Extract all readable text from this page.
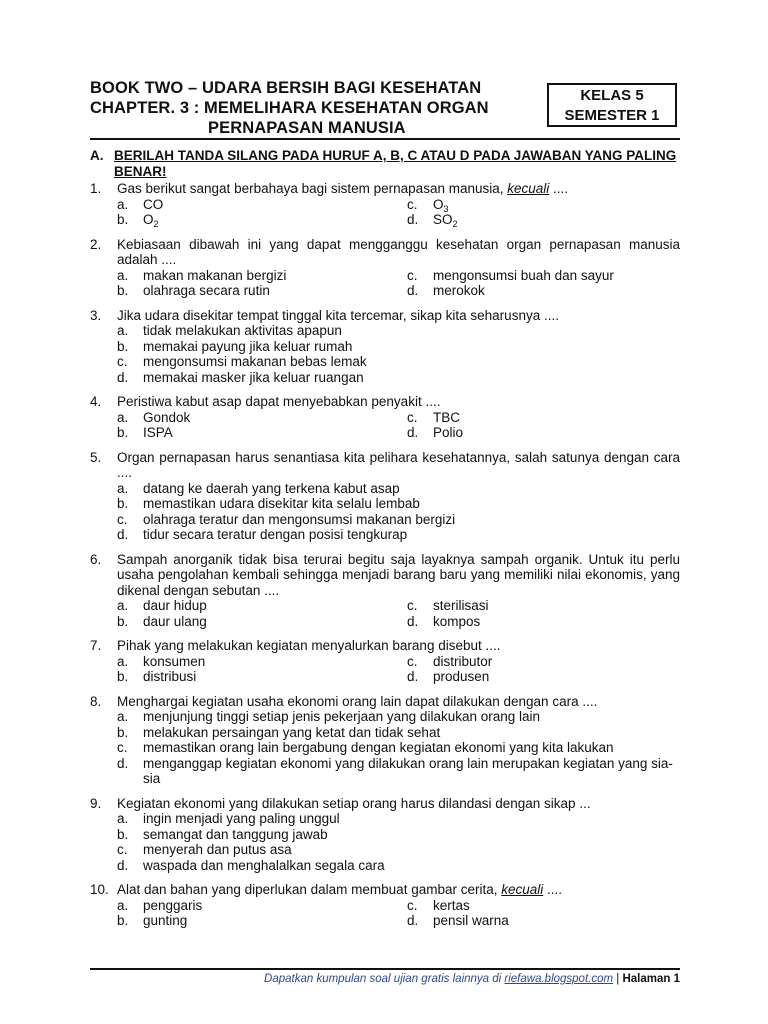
BOOK TWO – UDARA BERSIH BAGI KESEHATAN
CHAPTER. 3 : MEMELIHARA KESEHATAN ORGAN
PERNAPASAN MANUSIA
KELAS 5
SEMESTER 1
A. BERILAH TANDA SILANG PADA HURUF A, B, C ATAU D PADA JAWABAN YANG PALING BENAR!
1. Gas berikut sangat berbahaya bagi sistem pernapasan manusia, kecuali ....
a. CO	c. $O_3$
b. $O_2$	d. $SO_2$
2. Kebiasaan dibawah ini yang dapat mengganggu kesehatan organ pernapasan manusia adalah ....
a. makan makanan bergizi	c. mengonsumsi buah dan sayur
b. olahraga secara rutin	d. merokok
3. Jika udara disekitar tempat tinggal kita tercemar, sikap kita seharusnya ....
a. tidak melakukan aktivitas apapun
b. memakai payung jika keluar rumah
c. mengonsumsi makanan bebas lemak
d. memakai masker jika keluar ruangan
4. Peristiwa kabut asap dapat menyebabkan penyakit ....
a. Gondok	c. TBC
b. ISPA	d. Polio
5. Organ pernapasan harus senantiasa kita pelihara kesehatannya, salah satunya dengan cara ....
a. datang ke daerah yang terkena kabut asap
b. memastikan udara disekitar kita selalu lembab
c. olahraga teratur dan mengonsumsi makanan bergizi
d. tidur secara teratur dengan posisi tengkurap
6. Sampah anorganik tidak bisa terurai begitu saja layaknya sampah organik. Untuk itu perlu usaha pengolahan kembali sehingga menjadi barang baru yang memiliki nilai ekonomis, yang dikenal dengan sebutan ....
a. daur hidup	c. sterilisasi
b. daur ulang	d. kompos
7. Pihak yang melakukan kegiatan menyalurkan barang disebut ....
a. konsumen	c. distributor
b. distribusi	d. produsen
8. Menghargai kegiatan usaha ekonomi orang lain dapat dilakukan dengan cara ....
a. menjunjung tinggi setiap jenis pekerjaan yang dilakukan orang lain
b. melakukan persaingan yang ketat dan tidak sehat
c. memastikan orang lain bergabung dengan kegiatan ekonomi yang kita lakukan
d. menganggap kegiatan ekonomi yang dilakukan orang lain merupakan kegiatan yang sia-sia
9. Kegiatan ekonomi yang dilakukan setiap orang harus dilandasi dengan sikap ...
a. ingin menjadi yang paling unggul
b. semangat dan tanggung jawab
c. menyerah dan putus asa
d. waspada dan menghalalkan segala cara
10. Alat dan bahan yang diperlukan dalam membuat gambar cerita, kecuali ....
a. penggaris	c. kertas
b. gunting	d. pensil warna
Dapatkan kumpulan soal ujian gratis lainnya di riefawa.blogspot.com | Halaman 1
